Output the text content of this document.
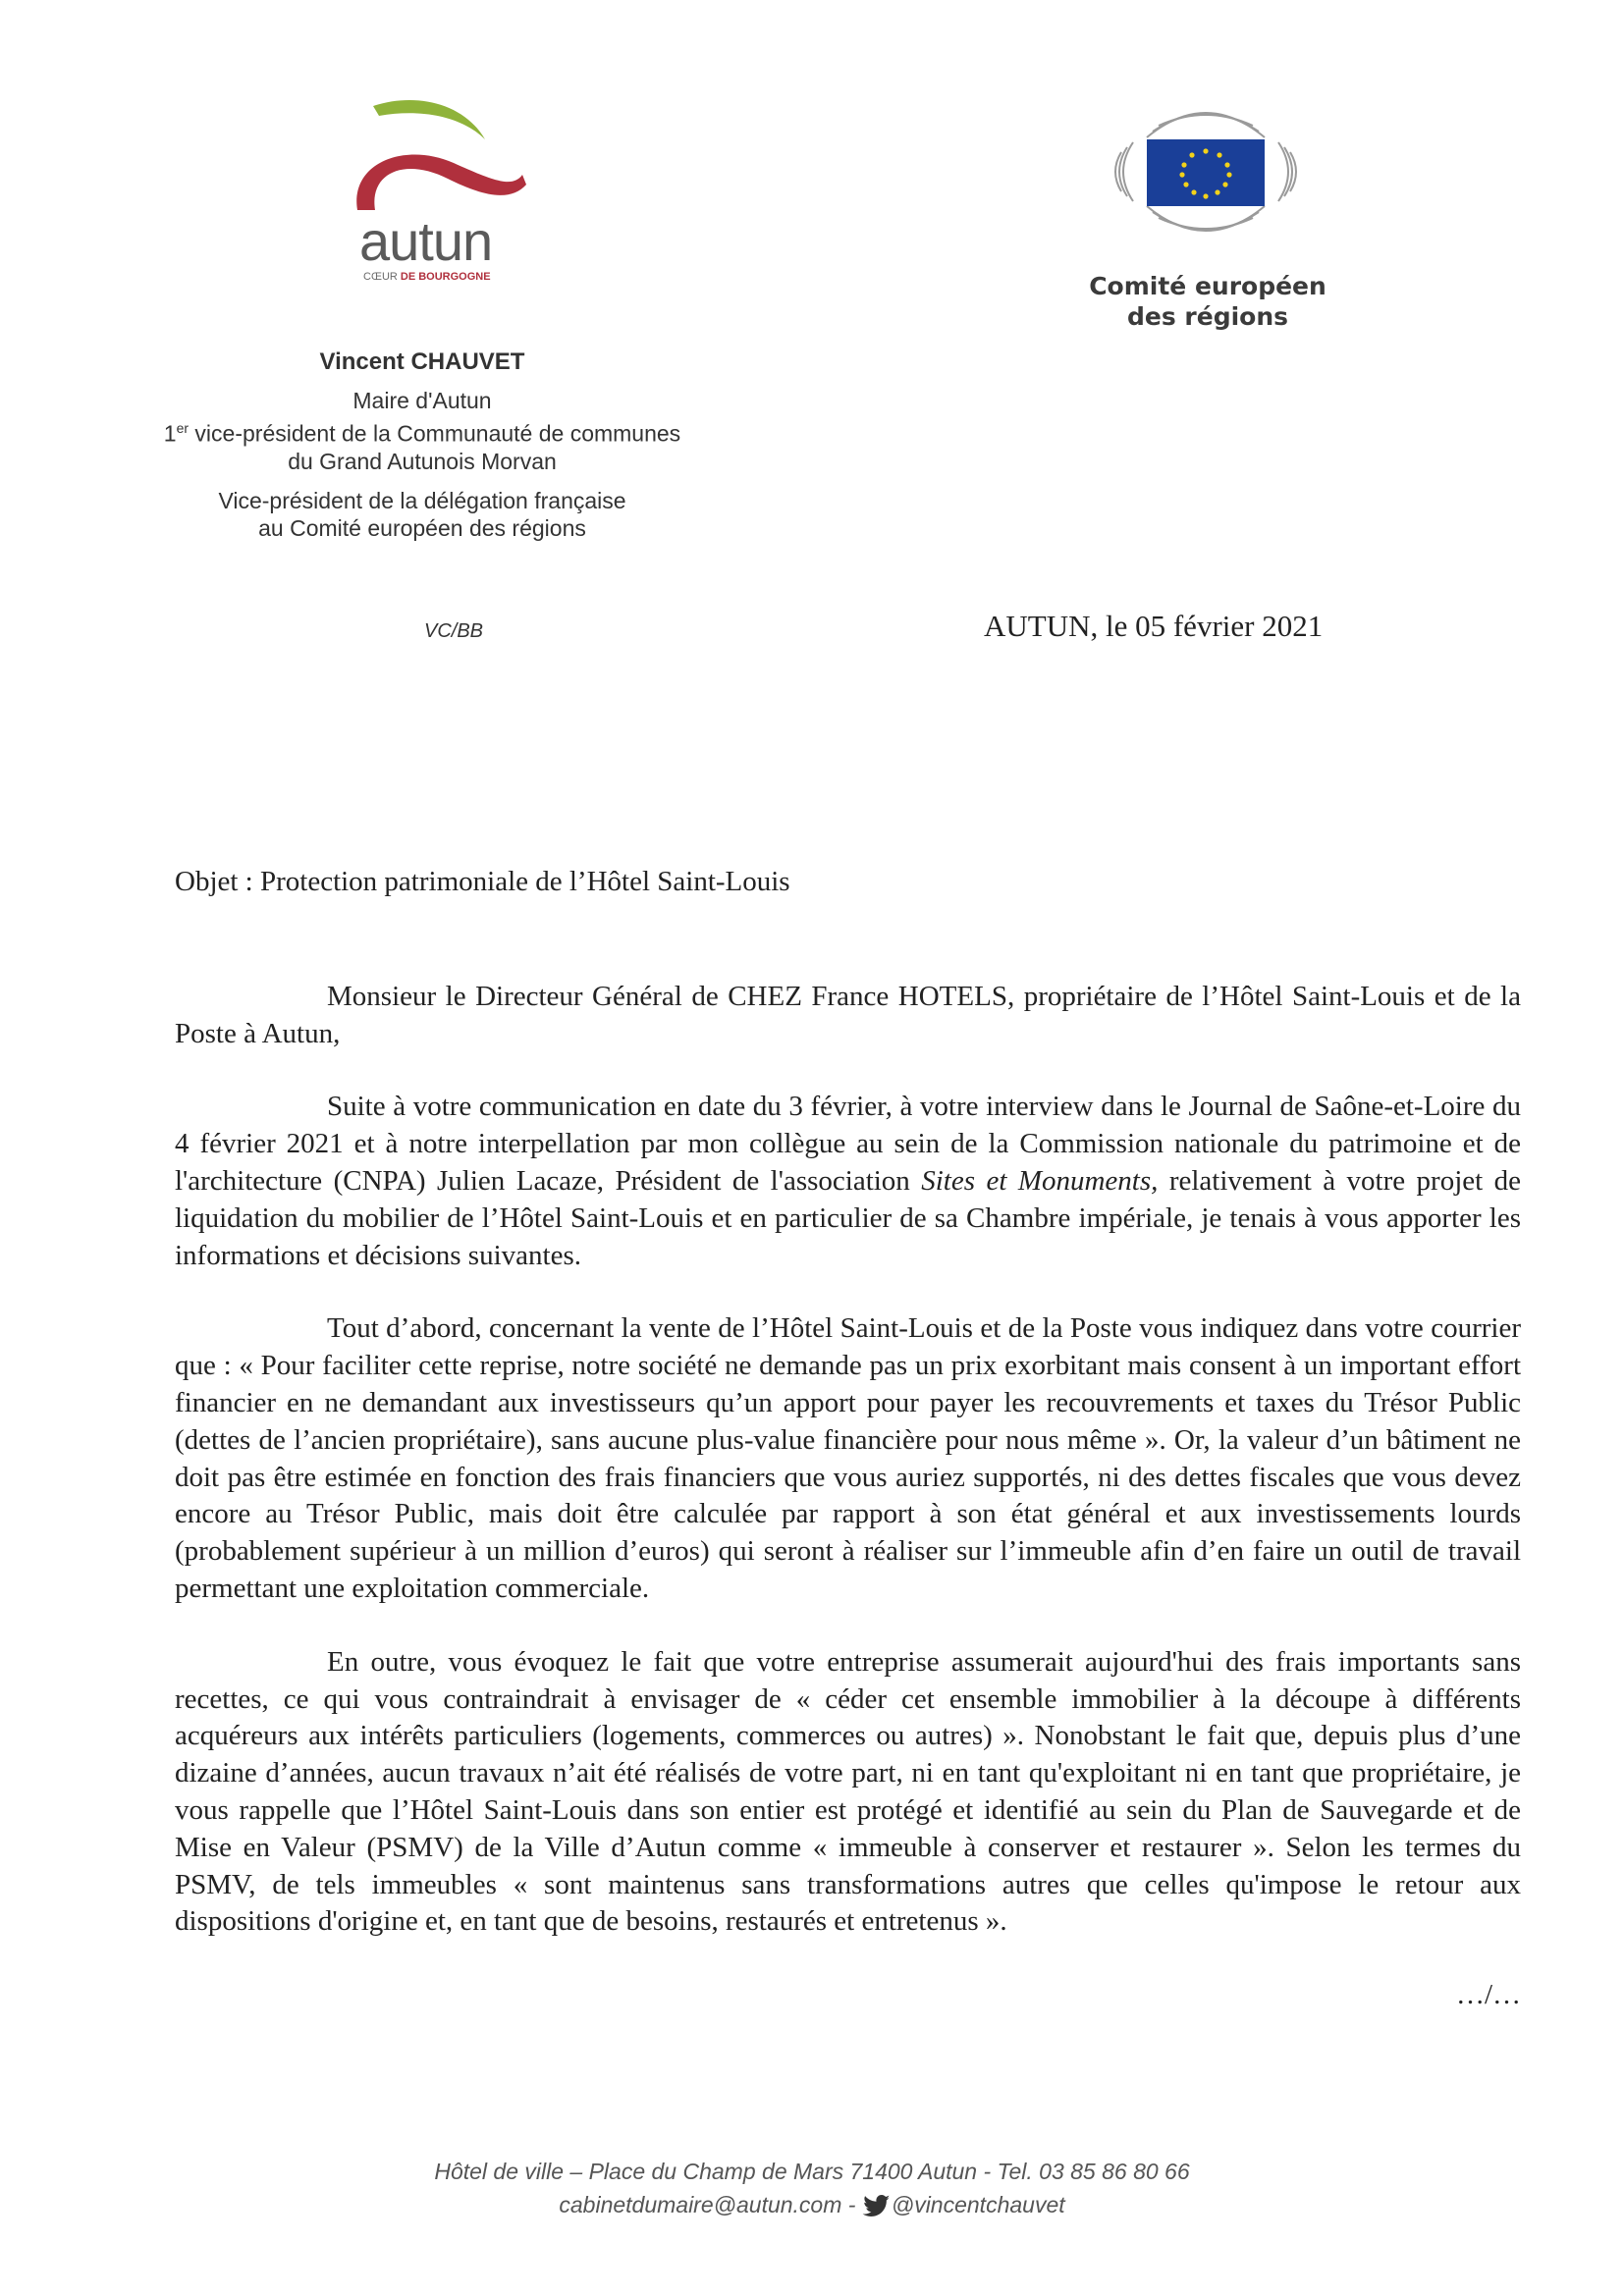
autun
CŒUR DE BOURGOGNE	Comité européen
des régions
Vincent CHAUVET
Maire d'Autun
1er vice-président de la Communauté de communes
du Grand Autunois Morvan
Vice-président de la délégation française
au Comité européen des régions
VC/BB	AUTUN, le 05 février 2021

Objet : Protection patrimoniale de l’Hôtel Saint-Louis

Monsieur le Directeur Général de CHEZ France HOTELS, propriétaire de l’Hôtel Saint-Louis et de la Poste à Autun,

Suite à votre communication en date du 3 février, à votre interview dans le Journal de Saône-et-Loire du 4 février 2021 et à notre interpellation par mon collègue au sein de la Commission nationale du patrimoine et de l'architecture (CNPA) Julien Lacaze, Président de l'association Sites et Monuments, relativement à votre projet de liquidation du mobilier de l’Hôtel Saint-Louis et en particulier de sa Chambre impériale, je tenais à vous apporter les informations et décisions suivantes.

Tout d’abord, concernant la vente de l’Hôtel Saint-Louis et de la Poste vous indiquez dans votre courrier que : « Pour faciliter cette reprise, notre société ne demande pas un prix exorbitant mais consent à un important effort financier en ne demandant aux investisseurs qu’un apport pour payer les recouvrements et taxes du Trésor Public (dettes de l’ancien propriétaire), sans aucune plus-value financière pour nous même ». Or, la valeur d’un bâtiment ne doit pas être estimée en fonction des frais financiers que vous auriez supportés, ni des dettes fiscales que vous devez encore au Trésor Public, mais doit être calculée par rapport à son état général et aux investissements lourds (probablement supérieur à un million d’euros) qui seront à réaliser sur l’immeuble afin d’en faire un outil de travail permettant une exploitation commerciale.

En outre, vous évoquez le fait que votre entreprise assumerait aujourd'hui des frais importants sans recettes, ce qui vous contraindrait à envisager de « céder cet ensemble immobilier à la découpe à différents acquéreurs aux intérêts particuliers (logements, commerces ou autres) ». Nonobstant le fait que, depuis plus d’une dizaine d’années, aucun travaux n’ait été réalisés de votre part, ni en tant qu'exploitant ni en tant que propriétaire, je vous rappelle que l’Hôtel Saint-Louis dans son entier est protégé et identifié au sein du Plan de Sauvegarde et de Mise en Valeur (PSMV) de la Ville d’Autun comme « immeuble à conserver et restaurer ». Selon les termes du PSMV, de tels immeubles « sont maintenus sans transformations autres que celles qu'impose le retour aux dispositions d'origine et, en tant que de besoins, restaurés et entretenus ».

…/…

Hôtel de ville – Place du Champ de Mars 71400 Autun - Tel. 03 85 86 80 66
cabinetdumaire@autun.com - @vincentchauvet
